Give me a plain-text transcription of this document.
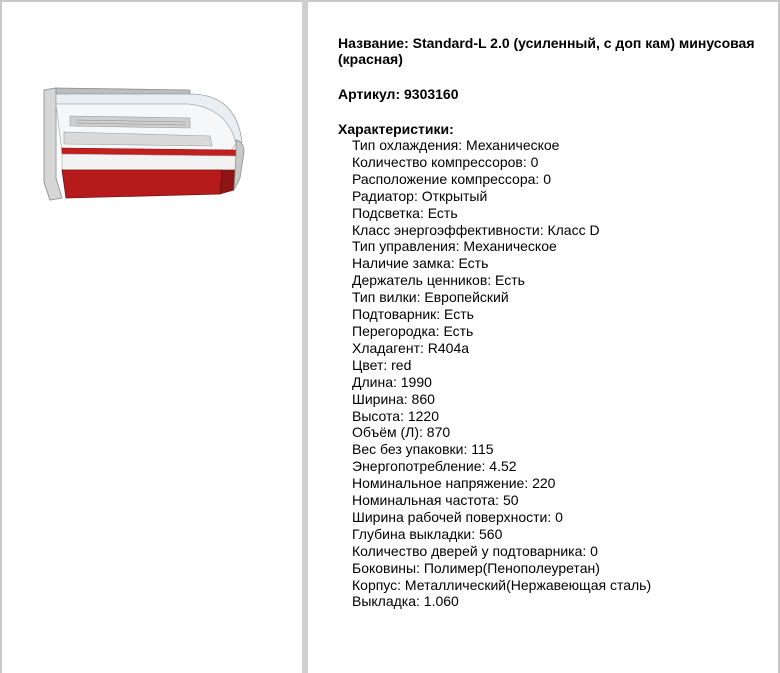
Название: Standard-L 2.0 (усиленный, с доп кам) минусовая (красная)

Артикул: 9303160

Характеристики:

Тип охлаждения: Механическое
Количество компрессоров: 0
Расположение компрессора: 0
Радиатор: Открытый
Подсветка: Есть
Класс энергоэффективности: Класс D
Тип управления: Механическое
Наличие замка: Есть
Держатель ценников: Есть
Тип вилки: Европейский
Подтоварник: Есть
Перегородка: Есть
Хладагент: R404a
Цвет: red
Длина: 1990
Ширина: 860
Высота: 1220
Объём (Л): 870
Вес без упаковки: 115
Энергопотребление: 4.52
Номинальное напряжение: 220
Номинальная частота: 50
Ширина рабочей поверхности: 0
Глубина выкладки: 560
Количество дверей у подтоварника: 0
Боковины: Полимер(Пенополеуретан)
Корпус: Металлический(Нержавеющая сталь)
Выкладка: 1.060
